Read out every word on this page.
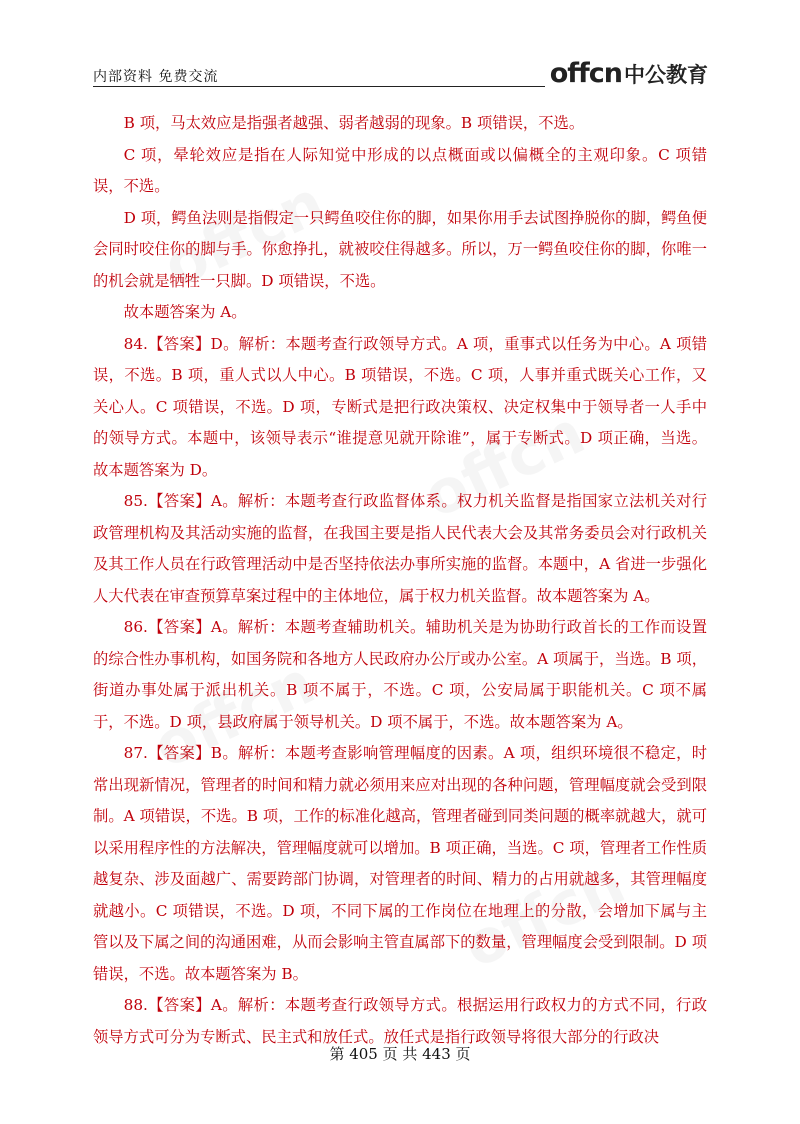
内部资料 免费交流	offcn 中公教育

B 项，马太效应是指强者越强、弱者越弱的现象。B 项错误，不选。

C 项，晕轮效应是指在人际知觉中形成的以点概面或以偏概全的主观印象。C 项错误，不选。

D 项，鳄鱼法则是指假定一只鳄鱼咬住你的脚，如果你用手去试图挣脱你的脚，鳄鱼便会同时咬住你的脚与手。你愈挣扎，就被咬住得越多。所以，万一鳄鱼咬住你的脚，你唯一的机会就是牺牲一只脚。D 项错误，不选。

故本题答案为 A。

84.【答案】D。解析：本题考查行政领导方式。A 项，重事式以任务为中心。A 项错误，不选。B 项，重人式以人中心。B 项错误，不选。C 项，人事并重式既关心工作，又关心人。C 项错误，不选。D 项，专断式是把行政决策权、决定权集中于领导者一人手中的领导方式。本题中，该领导表示“谁提意见就开除谁”，属于专断式。D 项正确，当选。故本题答案为 D。

85.【答案】A。解析：本题考查行政监督体系。权力机关监督是指国家立法机关对行政管理机构及其活动实施的监督，在我国主要是指人民代表大会及其常务委员会对行政机关及其工作人员在行政管理活动中是否坚持依法办事所实施的监督。本题中，A 省进一步强化人大代表在审查预算草案过程中的主体地位，属于权力机关监督。故本题答案为 A。

86.【答案】A。解析：本题考查辅助机关。辅助机关是为协助行政首长的工作而设置的综合性办事机构，如国务院和各地方人民政府办公厅或办公室。A 项属于，当选。B 项，街道办事处属于派出机关。B 项不属于，不选。C 项，公安局属于职能机关。C 项不属于，不选。D 项，县政府属于领导机关。D 项不属于，不选。故本题答案为 A。

87.【答案】B。解析：本题考查影响管理幅度的因素。A 项，组织环境很不稳定，时常出现新情况，管理者的时间和精力就必须用来应对出现的各种问题，管理幅度就会受到限制。A 项错误，不选。B 项，工作的标准化越高，管理者碰到同类问题的概率就越大，就可以采用程序性的方法解决，管理幅度就可以增加。B 项正确，当选。C 项，管理者工作性质越复杂、涉及面越广、需要跨部门协调，对管理者的时间、精力的占用就越多，其管理幅度就越小。C 项错误，不选。D 项，不同下属的工作岗位在地理上的分散，会增加下属与主管以及下属之间的沟通困难，从而会影响主管直属部下的数量，管理幅度会受到限制。D 项错误，不选。故本题答案为 B。

88.【答案】A。解析：本题考查行政领导方式。根据运用行政权力的方式不同，行政领导方式可分为专断式、民主式和放任式。放任式是指行政领导将很大部分的行政决

第 405 页 共 443 页
